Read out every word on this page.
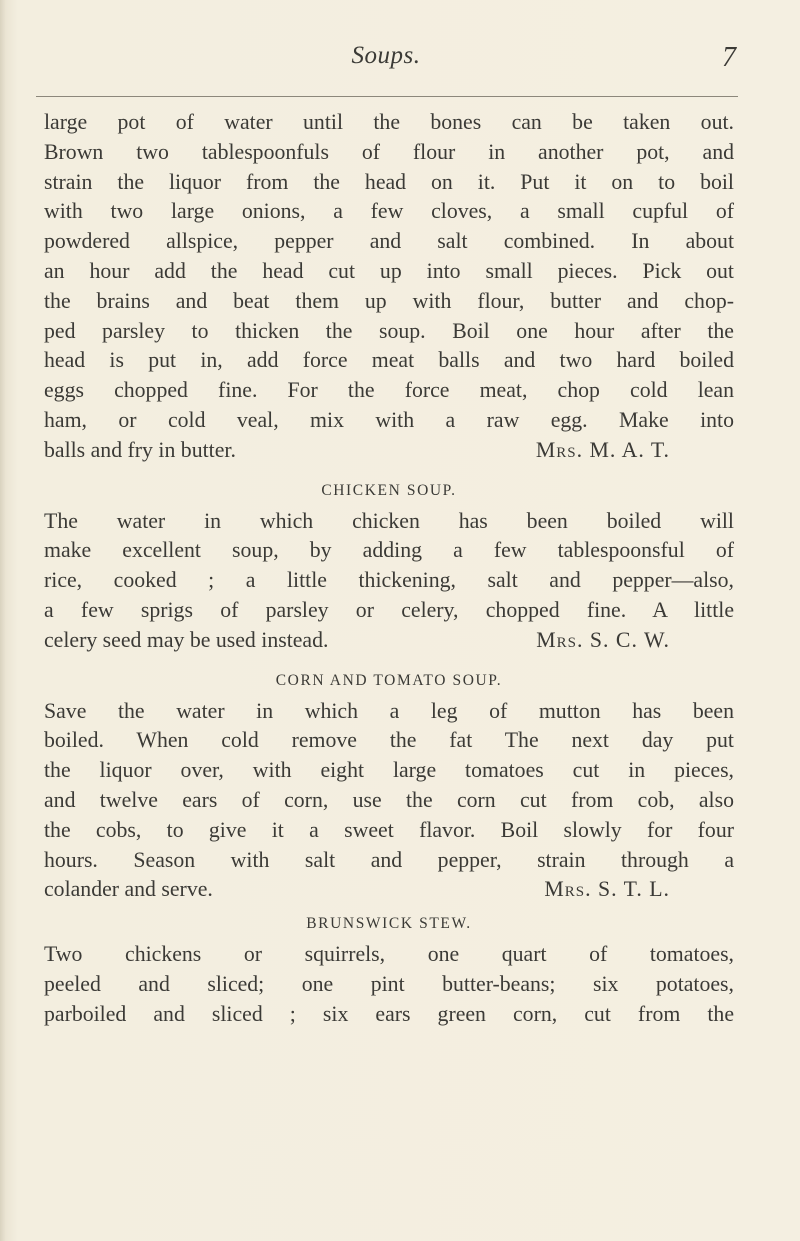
Soups.	7
large pot of water until the bones can be taken out.
Brown two tablespoonfuls of flour in another pot, and
strain the liquor from the head on it. Put it on to boil
with two large onions, a few cloves, a small cupful of
powdered allspice, pepper and salt combined. In about
an hour add the head cut up into small pieces. Pick out
the brains and beat them up with flour, butter and chop-
ped parsley to thicken the soup. Boil one hour after the
head is put in, add force meat balls and two hard boiled
eggs chopped fine. For the force meat, chop cold lean
ham, or cold veal, mix with a raw egg. Make into
balls and fry in butter.	Mrs. M. A. T.
CHICKEN SOUP.
The water in which chicken has been boiled will
make excellent soup, by adding a few tablespoonsful of
rice, cooked ; a little thickening, salt and pepper—also,
a few sprigs of parsley or celery, chopped fine. A little
celery seed may be used instead.	Mrs. S. C. W.
CORN AND TOMATO SOUP.
Save the water in which a leg of mutton has been
boiled. When cold remove the fat The next day put
the liquor over, with eight large tomatoes cut in pieces,
and twelve ears of corn, use the corn cut from cob, also
the cobs, to give it a sweet flavor. Boil slowly for four
hours. Season with salt and pepper, strain through a
colander and serve.	Mrs. S. T. L.
BRUNSWICK STEW.
Two chickens or squirrels, one quart of tomatoes,
peeled and sliced; one pint butter-beans; six potatoes,
parboiled and sliced ; six ears green corn, cut from the
